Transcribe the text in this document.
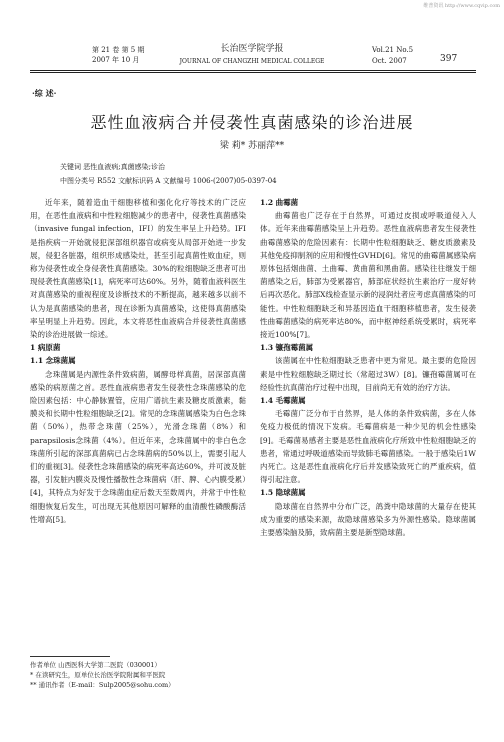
维普资讯 http://www.cqvip.com
第 21 卷 第 5 期
2007 年 10 月
长治医学院学报
JOURNAL OF CHANGZHI MEDICAL COLLEGE
Vol.21 No.5
Oct. 2007	397
·综 述·
恶性血液病合并侵袭性真菌感染的诊治进展
梁 莉* 苏丽萍**
关键词 恶性血液病;真菌感染;诊治
中图分类号 R552 文献标识码 A 文献编号 1006-(2007)05-0397-04

近年来，随着造血干细胞移植和强化化疗等技术的广泛应用，在恶性血液病和中性粒细胞减少的患者中，侵袭性真菌感染（invasive fungal infection，IFI）的发生率呈上升趋势。IFI是指疾病一开始就侵犯深部组织器官或病变从局部开始进一步发展，侵犯各脏器，组织形成感染灶，甚至引起真菌性败血症，则称为侵袭性或全身侵袭性真菌感染。30%的粒细胞缺乏患者可出现侵袭性真菌感染[1]，病死率可达60%。另外，随着血液科医生对真菌感染的重视程度及诊断技术的不断提高，越来越多以前不认为是真菌感染的患者，现在诊断为真菌感染，这使得真菌感染率呈明显上升趋势。因此，本文将恶性血液病合并侵袭性真菌感染的诊治进展做一综述。

1 病原菌

1.1 念珠菌属

念珠菌属是内源性条件致病菌，属酵母样真菌，居深部真菌感染的病原菌之首。恶性血液病患者发生侵袭性念珠菌感染的危险因素包括：中心静脉置管，应用广谱抗生素及糖皮质激素，黏膜炎和长期中性粒细胞缺乏[2]。常见的念珠菌属感染为白色念珠菌（50%），热带念珠菌（25%），光滑念珠菌（8%）和parapsilosis念珠菌（4%）。但近年来，念珠菌属中的非白色念珠菌所引起的深部真菌病已占念珠菌病的50%以上，需要引起人们的重视[3]。侵袭性念珠菌感染的病死率高达60%，并可波及脏器，引发脏内膜炎及慢性播散性念珠菌病（肝、脾、心内膜受累）[4]，其特点为好发于念珠菌血症后数天至数周内，并常于中性粒细胞恢复后发生，可出现无其他原因可解释的血清酸性磷酸酶活性增高[5]。

1.2 曲霉菌

曲霉菌也广泛存在于自然界，可通过皮损或呼吸道侵入人体。近年来曲霉菌感染呈上升趋势。恶性血液病患者发生侵袭性曲霉菌感染的危险因素有：长期中性粒细胞缺乏、糖皮质激素及其他免疫抑制剂的应用和慢性GVHD[6]。常见的曲霉菌属感染病原体包括烟曲菌、土曲霉、黄曲菌和黑曲菌。感染往往继发于细菌感染之后，肺部为受累器官，肺部症状经抗生素治疗一度好转后再次恶化。肺部X线检查显示新的浸润灶者应考虑真菌感染的可能性。中性粒细胞缺乏和异基因造血干细胞移植患者，发生侵袭性曲霉菌感染的病死率达80%，而中枢神经系统受累时，病死率接近100%[7]。

1.3 镰孢霉菌属

该菌属在中性粒细胞缺乏患者中更为常见。最主要的危险因素是中性粒细胞缺乏期过长（常超过3W）[8]。镰孢霉菌属可在经验性抗真菌治疗过程中出现，目前尚无有效的治疗方法。

1.4 毛霉菌属

毛霉菌广泛分布于自然界，是人体的条件致病菌，多在人体免疫力极低的情况下发病。毛霉菌病是一种少见的机会性感染[9]。毛霉菌易感者主要是恶性血液病化疗所致中性粒细胞缺乏的患者，常通过呼吸道感染而导致肺毛霉菌感染。一般于感染后1W内死亡。这是恶性血液病化疗后并发感染致死亡的严重疾病，值得引起注意。

1.5 隐球菌属

隐球菌在自然界中分布广泛，鸽粪中隐球菌的大量存在使其成为重要的感染来源，故隐球菌感染多为外源性感染。隐球菌属主要感染脑及肺，致病菌主要是新型隐球菌。

作者单位 山西医科大学第二医院（030001）
* 在读研究生，原单位长治医学院附属和平医院
** 通讯作者（E-mail：Sulp2005@sohu.com）
